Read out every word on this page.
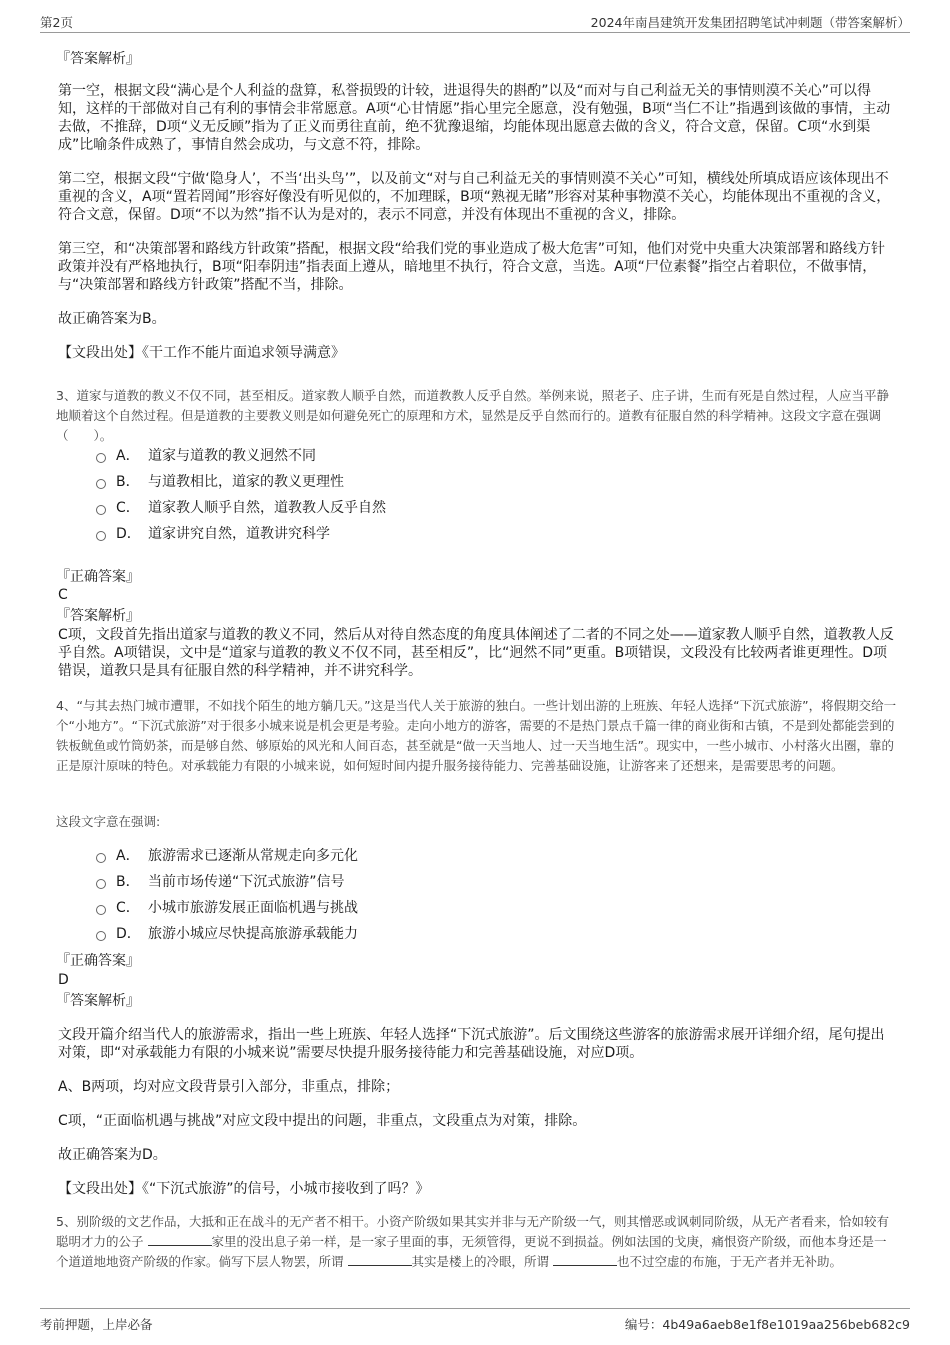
第2页	2024年南昌建筑开发集团招聘笔试冲刺题（带答案解析）
『答案解析』

第一空，根据文段“满心是个人利益的盘算，私誉损毁的计较，进退得失的斟酌”以及“而对与自己利益无关的事情则漠不关心”可以得知，这样的干部做对自己有利的事情会非常愿意。A项“心甘情愿”指心里完全愿意，没有勉强，B项“当仁不让”指遇到该做的事情，主动去做，不推辞，D项“义无反顾”指为了正义而勇往直前，绝不犹豫退缩，均能体现出愿意去做的含义，符合文意，保留。C项“水到渠成”比喻条件成熟了，事情自然会成功，与文意不符，排除。

第二空，根据文段“宁做‘隐身人’，不当‘出头鸟’”，以及前文“对与自己利益无关的事情则漠不关心”可知，横线处所填成语应该体现出不重视的含义，A项“置若罔闻”形容好像没有听见似的，不加理睬，B项“熟视无睹”形容对某种事物漠不关心，均能体现出不重视的含义，符合文意，保留。D项“不以为然”指不认为是对的，表示不同意，并没有体现出不重视的含义，排除。

第三空，和“决策部署和路线方针政策”搭配，根据文段“给我们党的事业造成了极大危害”可知，他们对党中央重大决策部署和路线方针政策并没有严格地执行，B项“阳奉阴违”指表面上遵从，暗地里不执行，符合文意，当选。A项“尸位素餐”指空占着职位，不做事情，与“决策部署和路线方针政策”搭配不当，排除。

故正确答案为B。

【文段出处】《干工作不能片面追求领导满意》

3、道家与道教的教义不仅不同，甚至相反。道家教人顺乎自然，而道教教人反乎自然。举例来说，照老子、庄子讲，生而有死是自然过程，人应当平静地顺着这个自然过程。但是道教的主要教义则是如何避免死亡的原理和方术，显然是反乎自然而行的。道教有征服自然的科学精神。这段文字意在强调（　　）。

A． 道家与道教的教义迥然不同
B． 与道教相比，道家的教义更理性
C． 道家教人顺乎自然，道教教人反乎自然
D． 道家讲究自然，道教讲究科学
『正确答案』
C
『答案解析』

C项，文段首先指出道家与道教的教义不同，然后从对待自然态度的角度具体阐述了二者的不同之处——道家教人顺乎自然，道教教人反乎自然。A项错误，文中是“道家与道教的教义不仅不同，甚至相反”，比“迥然不同”更重。B项错误，文段没有比较两者谁更理性。D项错误，道教只是具有征服自然的科学精神，并不讲究科学。

4、“与其去热门城市遭罪，不如找个陌生的地方躺几天。”这是当代人关于旅游的独白。一些计划出游的上班族、年轻人选择“下沉式旅游”，将假期交给一个“小地方”。“下沉式旅游”对于很多小城来说是机会更是考验。走向小地方的游客，需要的不是热门景点千篇一律的商业街和古镇，不是到处都能尝到的铁板鱿鱼或竹筒奶茶，而是够自然、够原始的风光和人间百态，甚至就是“做一天当地人、过一天当地生活”。现实中，一些小城市、小村落火出圈，靠的正是原汁原味的特色。对承载能力有限的小城来说，如何短时间内提升服务接待能力、完善基础设施，让游客来了还想来，是需要思考的问题。

这段文字意在强调:
A． 旅游需求已逐渐从常规走向多元化
B． 当前市场传递“下沉式旅游”信号
C． 小城市旅游发展正面临机遇与挑战
D． 旅游小城应尽快提高旅游承载能力
『正确答案』
D
『答案解析』

文段开篇介绍当代人的旅游需求，指出一些上班族、年轻人选择“下沉式旅游”。后文围绕这些游客的旅游需求展开详细介绍，尾句提出对策，即“对承载能力有限的小城来说”需要尽快提升服务接待能力和完善基础设施，对应D项。

A、B两项，均对应文段背景引入部分，非重点，排除；

C项，“正面临机遇与挑战”对应文段中提出的问题，非重点，文段重点为对策，排除。

故正确答案为D。

【文段出处】《“下沉式旅游”的信号，小城市接收到了吗？》

5、别阶级的文艺作品，大抵和正在战斗的无产者不相干。小资产阶级如果其实并非与无产阶级一气，则其憎恶或讽刺同阶级，从无产者看来，恰如较有聪明才力的公子	家里的没出息子弟一样，是一家子里面的事，无须管得，更说不到损益。例如法国的戈庚，痛恨资产阶级，而他本身还是一个道道地地资产阶级的作家。倘写下层人物罢，所谓	其实是楼上的冷眼，所谓	也不过空虚的布施，于无产者并无补助。

考前押题，上岸必备	编号：4b49a6aeb8e1f8e1019aa256beb682c9
